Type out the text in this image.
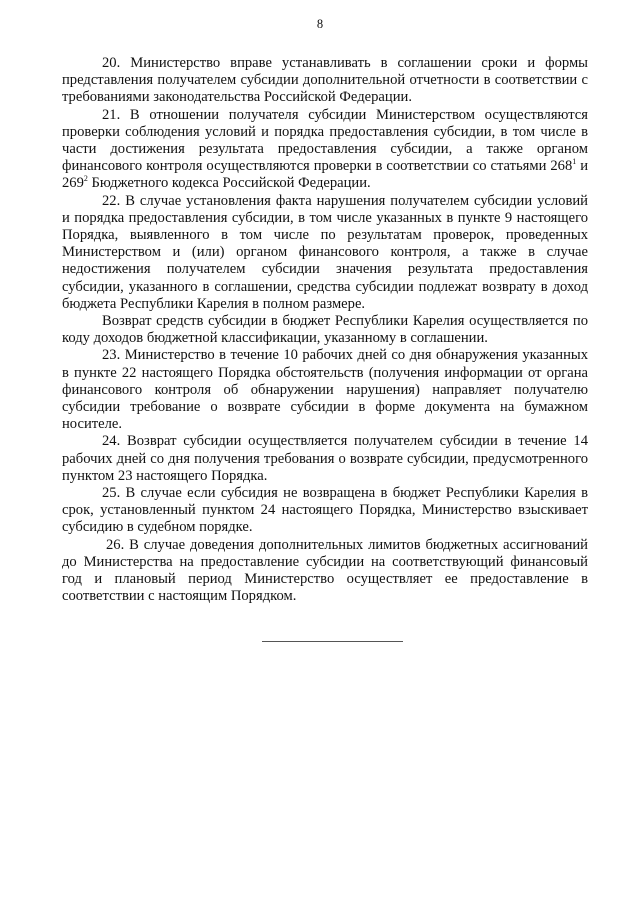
8

20. Министерство вправе устанавливать в соглашении сроки и формы представления получателем субсидии дополнительной отчетности в соответствии с требованиями законодательства Российской Федерации.

21. В отношении получателя субсидии Министерством осуществляются проверки соблюдения условий и порядка предоставления субсидии, в том числе в части достижения результата предоставления субсидии, а также органом финансового контроля осуществляются проверки в соответствии со статьями $268^1$ и $269^2$ Бюджетного кодекса Российской Федерации.

22. В случае установления факта нарушения получателем субсидии условий и порядка предоставления субсидии, в том числе указанных в пункте 9 настоящего Порядка, выявленного в том числе по результатам проверок, проведенных Министерством и (или) органом финансового контроля, а также в случае недостижения получателем субсидии значения результата предоставления субсидии, указанного в соглашении, средства субсидии подлежат возврату в доход бюджета Республики Карелия в полном размере.

Возврат средств субсидии в бюджет Республики Карелия осуществляется по коду доходов бюджетной классификации, указанному в соглашении.

23. Министерство в течение 10 рабочих дней со дня обнаружения указанных в пункте 22 настоящего Порядка обстоятельств (получения информации от органа финансового контроля об обнаружении нарушения) направляет получателю субсидии требование о возврате субсидии в форме документа на бумажном носителе.

24. Возврат субсидии осуществляется получателем субсидии в течение 14 рабочих дней со дня получения требования о возврате субсидии, предусмотренного пунктом 23 настоящего Порядка.

25. В случае если субсидия не возвращена в бюджет Республики Карелия в срок, установленный пунктом 24 настоящего Порядка, Министерство взыскивает субсидию в судебном порядке.

26. В случае доведения дополнительных лимитов бюджетных ассигнований до Министерства на предоставление субсидии на соответствующий финансовый год и плановый период Министерство осуществляет ее предоставление в соответствии с настоящим Порядком.
